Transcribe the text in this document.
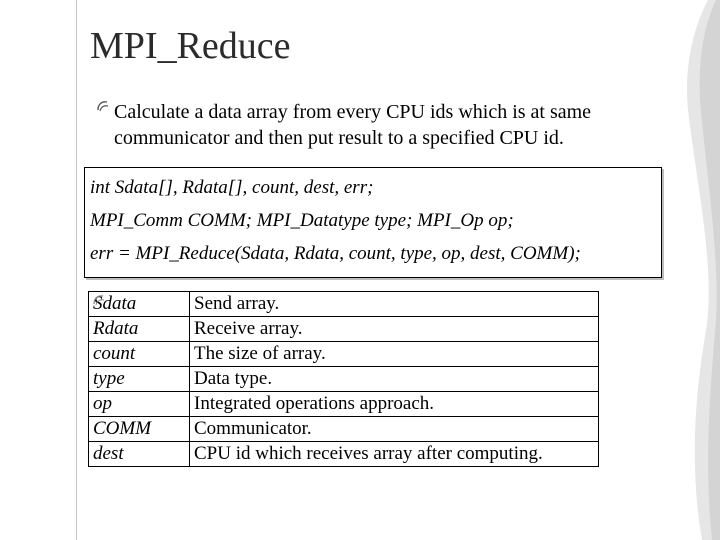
MPI_Reduce
Calculate a data array from every CPU ids which is at same communicator and then put result to a specified CPU id.
int Sdata[], Rdata[], count, dest, err;
MPI_Comm COMM; MPI_Datatype type; MPI_Op op;
err = MPI_Reduce(Sdata, Rdata, count, type, op, dest, COMM);
Sdata	Send array.
Rdata	Receive array.
count	The size of array.
type	Data type.
op	Integrated operations approach.
COMM	Communicator.
dest	CPU id which receives array after computing.
